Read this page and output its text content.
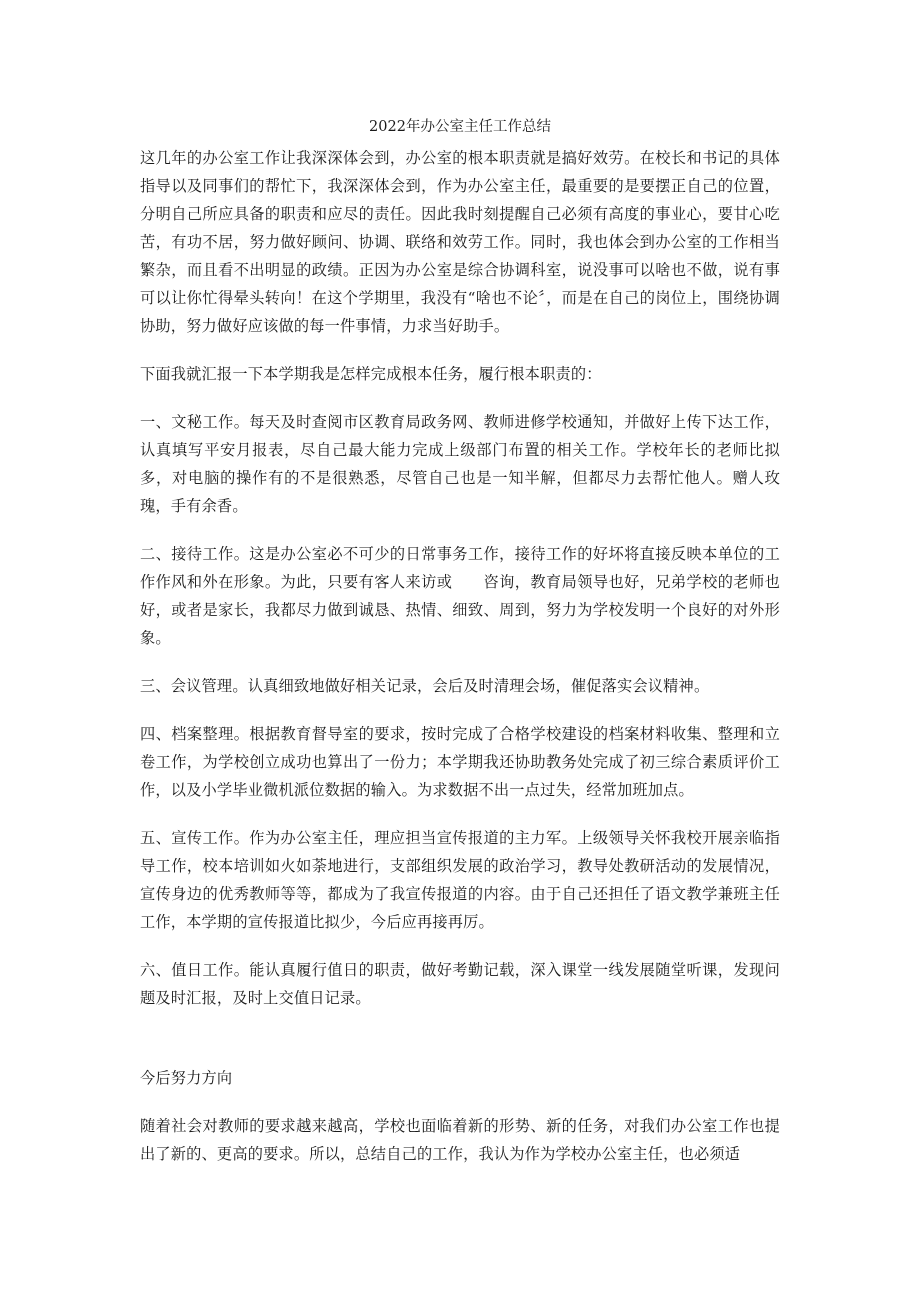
2022年办公室主任工作总结

这几年的办公室工作让我深深体会到，办公室的根本职责就是搞好效劳。在校长和书记的具体指导以及同事们的帮忙下，我深深体会到，作为办公室主任，最重要的是要摆正自己的位置，分明自己所应具备的职责和应尽的责任。因此我时刻提醒自己必须有高度的事业心，要甘心吃苦，有功不居，努力做好顾问、协调、联络和效劳工作。同时，我也体会到办公室的工作相当繁杂，而且看不出明显的政绩。正因为办公室是综合协调科室，说没事可以啥也不做，说有事可以让你忙得晕头转向！在这个学期里，我没有“啥也不论〞，而是在自己的岗位上，围绕协调协助，努力做好应该做的每一件事情，力求当好助手。

下面我就汇报一下本学期我是怎样完成根本任务，履行根本职责的：

一、文秘工作。每天及时查阅市区教育局政务网、教师进修学校通知，并做好上传下达工作，认真填写平安月报表，尽自己最大能力完成上级部门布置的相关工作。学校年长的老师比拟多，对电脑的操作有的不是很熟悉，尽管自己也是一知半解，但都尽力去帮忙他人。赠人玫瑰，手有余香。

二、接待工作。这是办公室必不可少的日常事务工作，接待工作的好坏将直接反映本单位的工作作风和外在形象。为此，只要有客人来访或　　咨询，教育局领导也好，兄弟学校的老师也好，或者是家长，我都尽力做到诚恳、热情、细致、周到，努力为学校发明一个良好的对外形象。

三、会议管理。认真细致地做好相关记录，会后及时清理会场，催促落实会议精神。

四、档案整理。根据教育督导室的要求，按时完成了合格学校建设的档案材料收集、整理和立卷工作，为学校创立成功也算出了一份力；本学期我还协助教务处完成了初三综合素质评价工作，以及小学毕业微机派位数据的输入。为求数据不出一点过失，经常加班加点。

五、宣传工作。作为办公室主任，理应担当宣传报道的主力军。上级领导关怀我校开展亲临指导工作，校本培训如火如荼地进行，支部组织发展的政治学习，教导处教研活动的发展情况，宣传身边的优秀教师等等，都成为了我宣传报道的内容。由于自己还担任了语文教学兼班主任工作，本学期的宣传报道比拟少，今后应再接再厉。

六、值日工作。能认真履行值日的职责，做好考勤记载，深入课堂一线发展随堂听课，发现问题及时汇报，及时上交值日记录。

今后努力方向

随着社会对教师的要求越来越高，学校也面临着新的形势、新的任务，对我们办公室工作也提出了新的、更高的要求。所以，总结自己的工作，我认为作为学校办公室主任，也必须适
